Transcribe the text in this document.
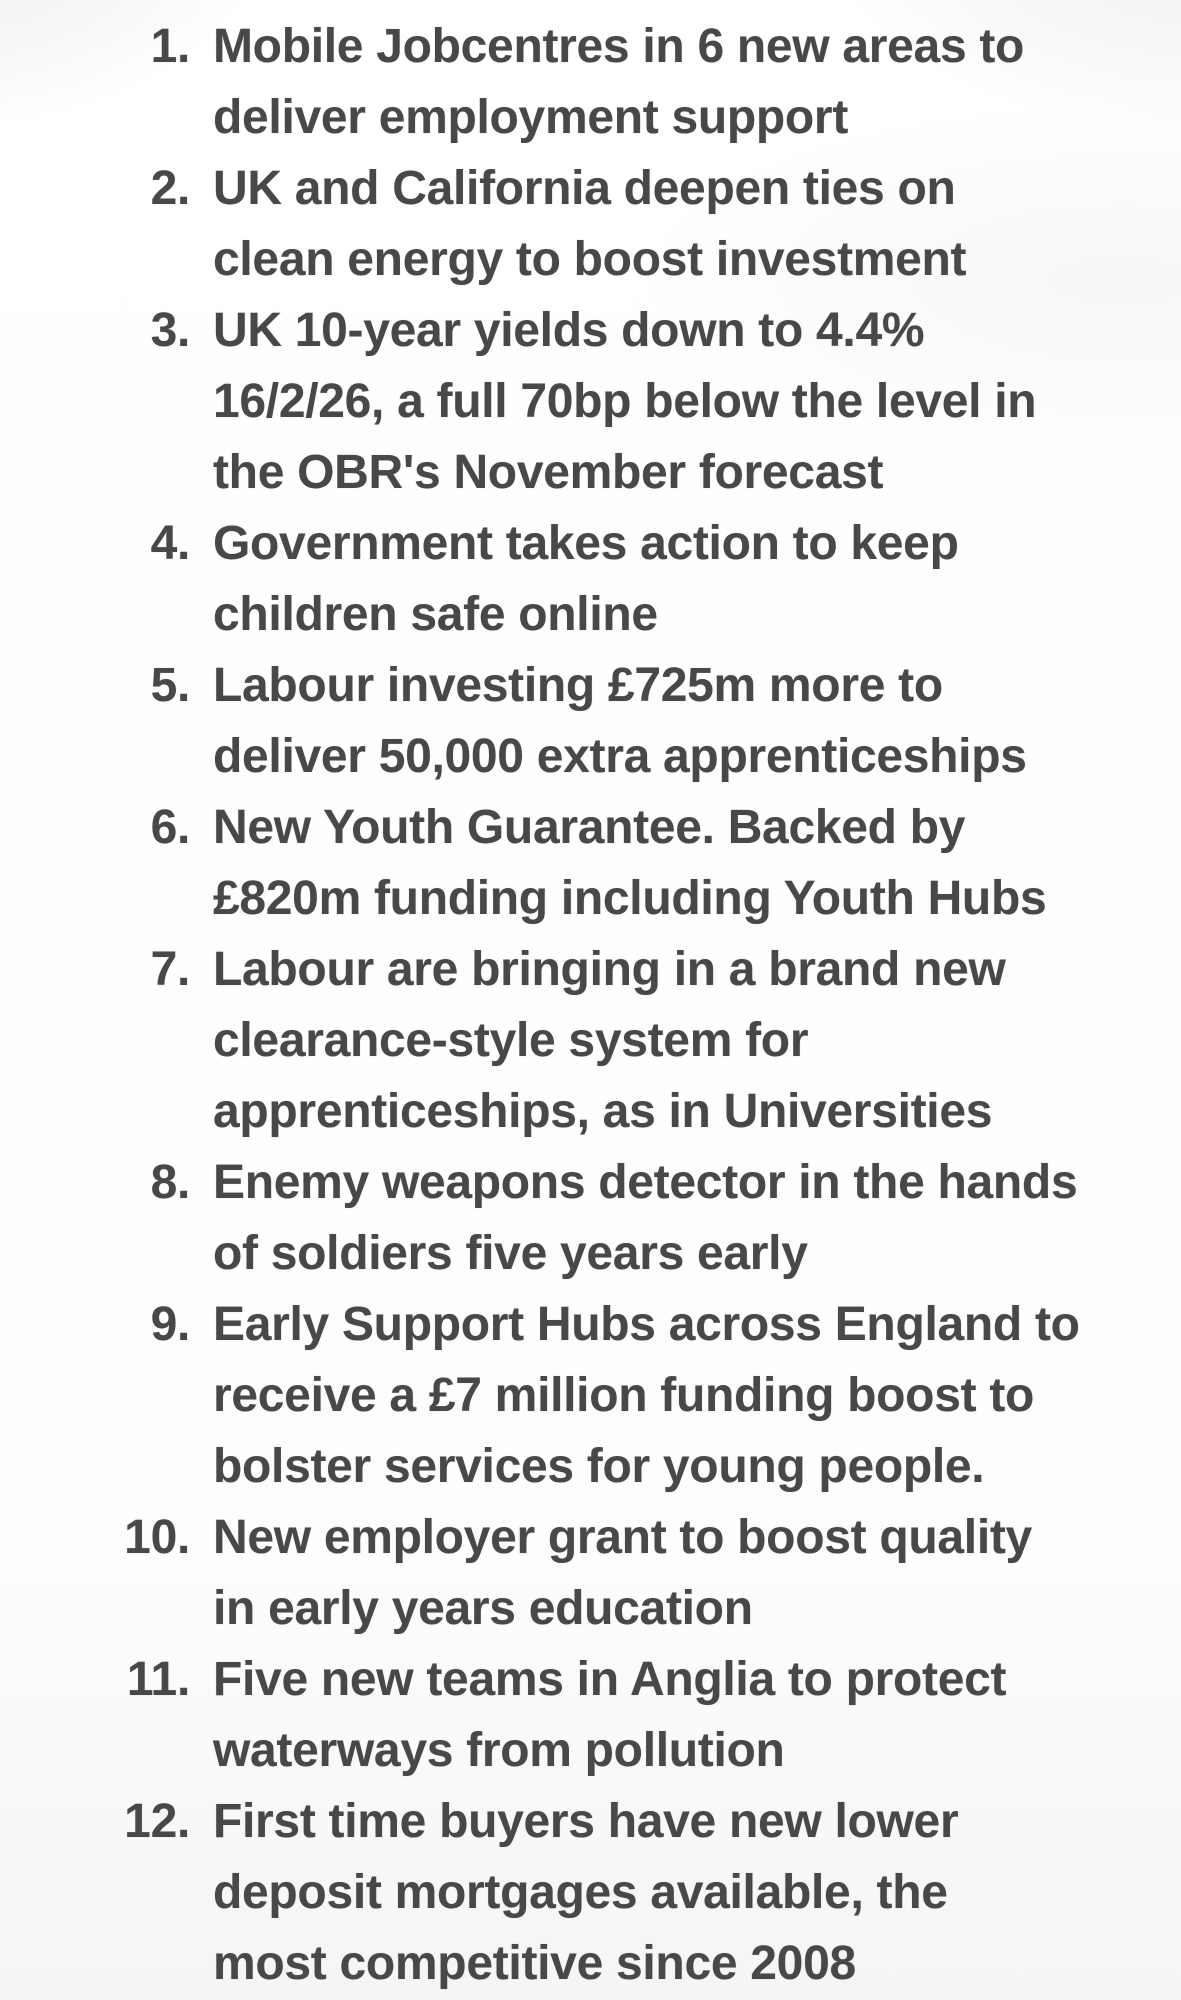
1. Mobile Jobcentres in 6 new areas to
deliver employment support
2. UK and California deepen ties on
clean energy to boost investment
3. UK 10-year yields down to 4.4%
16/2/26, a full 70bp below the level in
the OBR's November forecast
4. Government takes action to keep
children safe online
5. Labour investing £725m more to
deliver 50,000 extra apprenticeships
6. New Youth Guarantee. Backed by
£820m funding including Youth Hubs
7. Labour are bringing in a brand new
clearance-style system for
apprenticeships, as in Universities
8. Enemy weapons detector in the hands
of soldiers five years early
9. Early Support Hubs across England to
receive a £7 million funding boost to
bolster services for young people.
10. New employer grant to boost quality
in early years education
11. Five new teams in Anglia to protect
waterways from pollution
12. First time buyers have new lower
deposit mortgages available, the
most competitive since 2008
